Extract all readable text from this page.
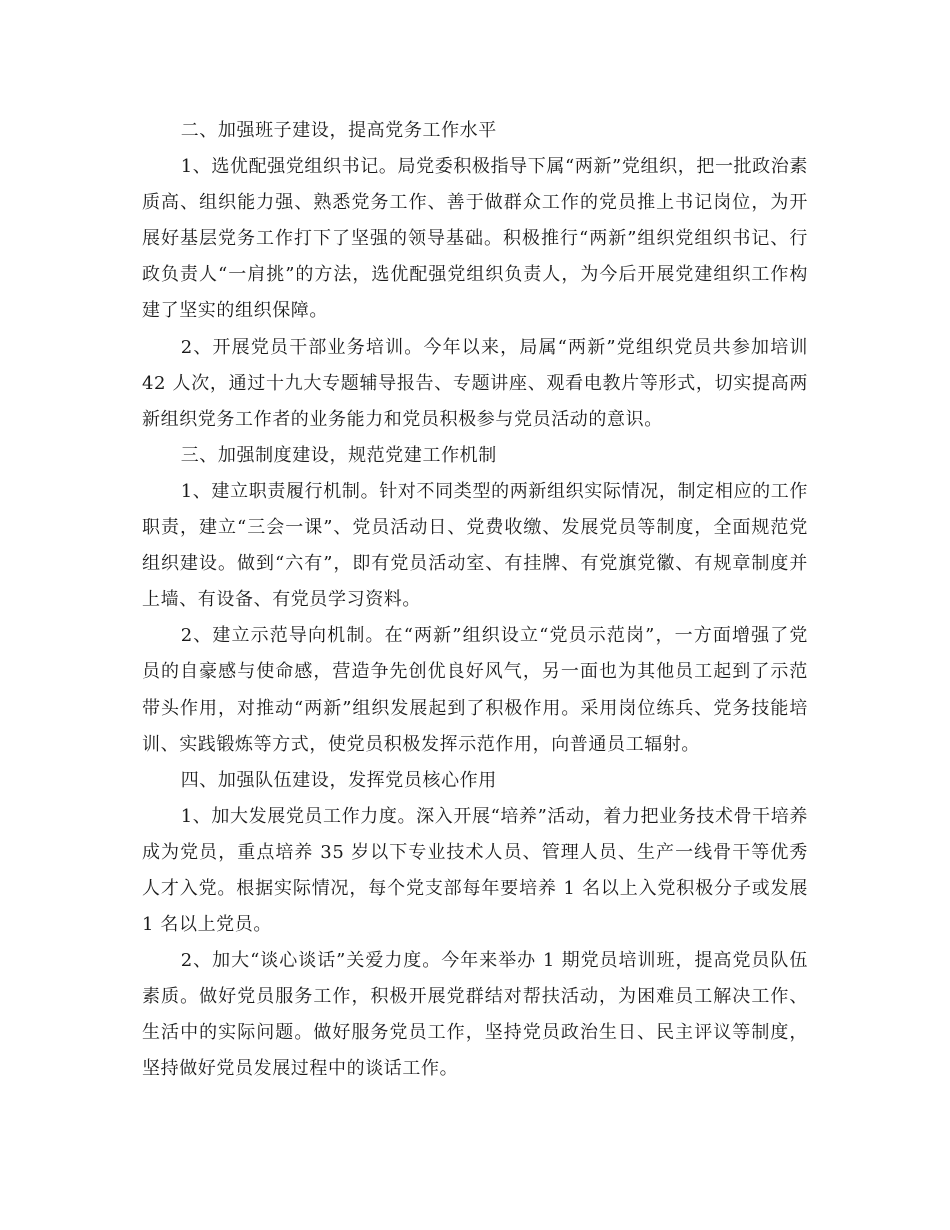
二、加强班子建设，提高党务工作水平

1、选优配强党组织书记。局党委积极指导下属“两新”党组织，把一批政治素质高、组织能力强、熟悉党务工作、善于做群众工作的党员推上书记岗位，为开展好基层党务工作打下了坚强的领导基础。积极推行“两新”组织党组织书记、行政负责人“一肩挑”的方法，选优配强党组织负责人，为今后开展党建组织工作构建了坚实的组织保障。

2、开展党员干部业务培训。今年以来，局属“两新”党组织党员共参加培训 42 人次，通过十九大专题辅导报告、专题讲座、观看电教片等形式，切实提高两新组织党务工作者的业务能力和党员积极参与党员活动的意识。

三、加强制度建设，规范党建工作机制

1、建立职责履行机制。针对不同类型的两新组织实际情况，制定相应的工作职责，建立“三会一课”、党员活动日、党费收缴、发展党员等制度，全面规范党组织建设。做到“六有”，即有党员活动室、有挂牌、有党旗党徽、有规章制度并上墙、有设备、有党员学习资料。

2、建立示范导向机制。在“两新”组织设立“党员示范岗”，一方面增强了党员的自豪感与使命感，营造争先创优良好风气，另一面也为其他员工起到了示范带头作用，对推动“两新”组织发展起到了积极作用。采用岗位练兵、党务技能培训、实践锻炼等方式，使党员积极发挥示范作用，向普通员工辐射。

四、加强队伍建设，发挥党员核心作用

1、加大发展党员工作力度。深入开展“培养”活动，着力把业务技术骨干培养成为党员，重点培养 35 岁以下专业技术人员、管理人员、生产一线骨干等优秀人才入党。根据实际情况，每个党支部每年要培养 1 名以上入党积极分子或发展 1 名以上党员。

2、加大“谈心谈话”关爱力度。今年来举办 1 期党员培训班，提高党员队伍素质。做好党员服务工作，积极开展党群结对帮扶活动，为困难员工解决工作、生活中的实际问题。做好服务党员工作，坚持党员政治生日、民主评议等制度，坚持做好党员发展过程中的谈话工作。
